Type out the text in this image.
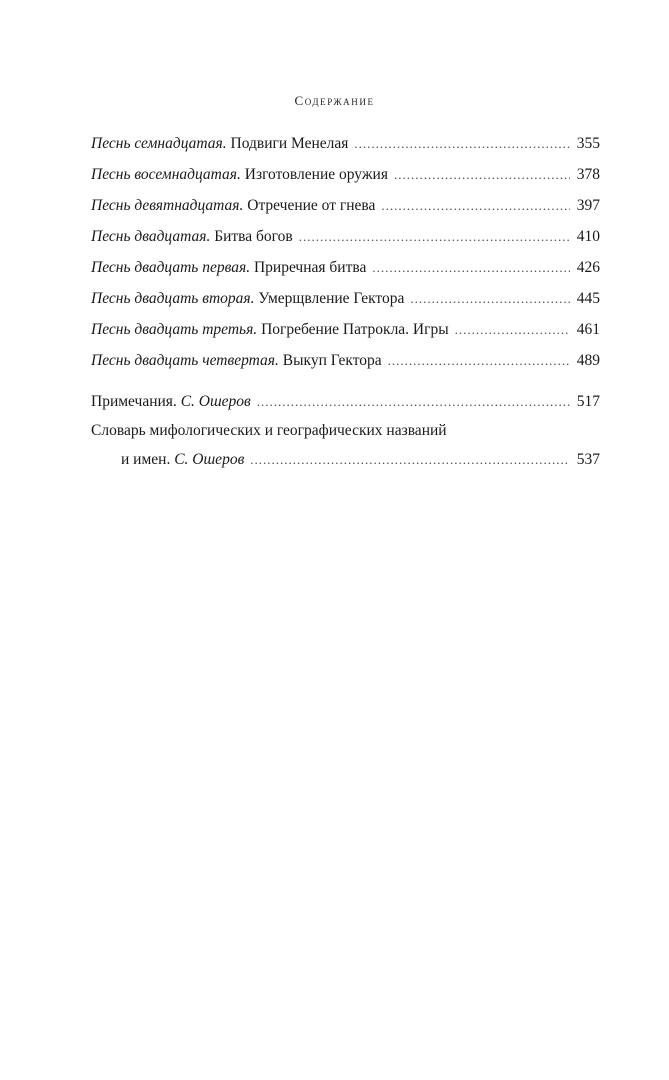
Содержание
Песнь семнадцатая. Подвиги Менелая .....	355
Песнь восемнадцатая. Изготовление оружия .....	378
Песнь девятнадцатая. Отречение от гнева .....	397
Песнь двадцатая. Битва богов .....	410
Песнь двадцать первая. Приречная битва .....	426
Песнь двадцать вторая. Умерщвление Гектора .....	445
Песнь двадцать третья. Погребение Патрокла. Игры .....	461
Песнь двадцать четвертая. Выкуп Гектора .....	489
Примечания. С. Ошеров .....	517
Словарь мифологических и географических названий
и имен. С. Ошеров .....	537
